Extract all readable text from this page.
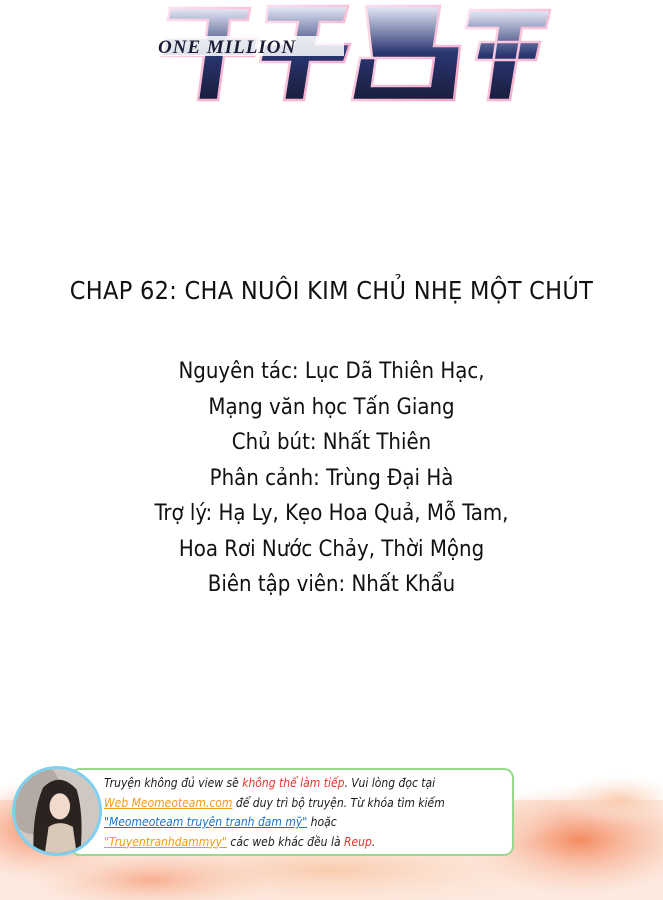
ONE MILLION
CHAP 62: CHA NUÔI KIM CHỦ NHẸ MỘT CHÚT
Nguyên tác: Lục Dã Thiên Hạc,
Mạng văn học Tấn Giang
Chủ bút: Nhất Thiên
Phân cảnh: Trùng Đại Hà
Trợ lý: Hạ Ly, Kẹo Hoa Quả, Mỗ Tam,
Hoa Rơi Nước Chảy, Thời Mộng
Biên tập viên: Nhất Khẩu
Truyện không đủ view sẽ không thể làm tiếp. Vui lòng đọc tại
Web Meomeoteam.com để duy trì bộ truyện. Từ khóa tìm kiếm
"Meomeoteam truyện tranh đam mỹ" hoặc
"Truyentranhdammyy" các web khác đều là Reup.
